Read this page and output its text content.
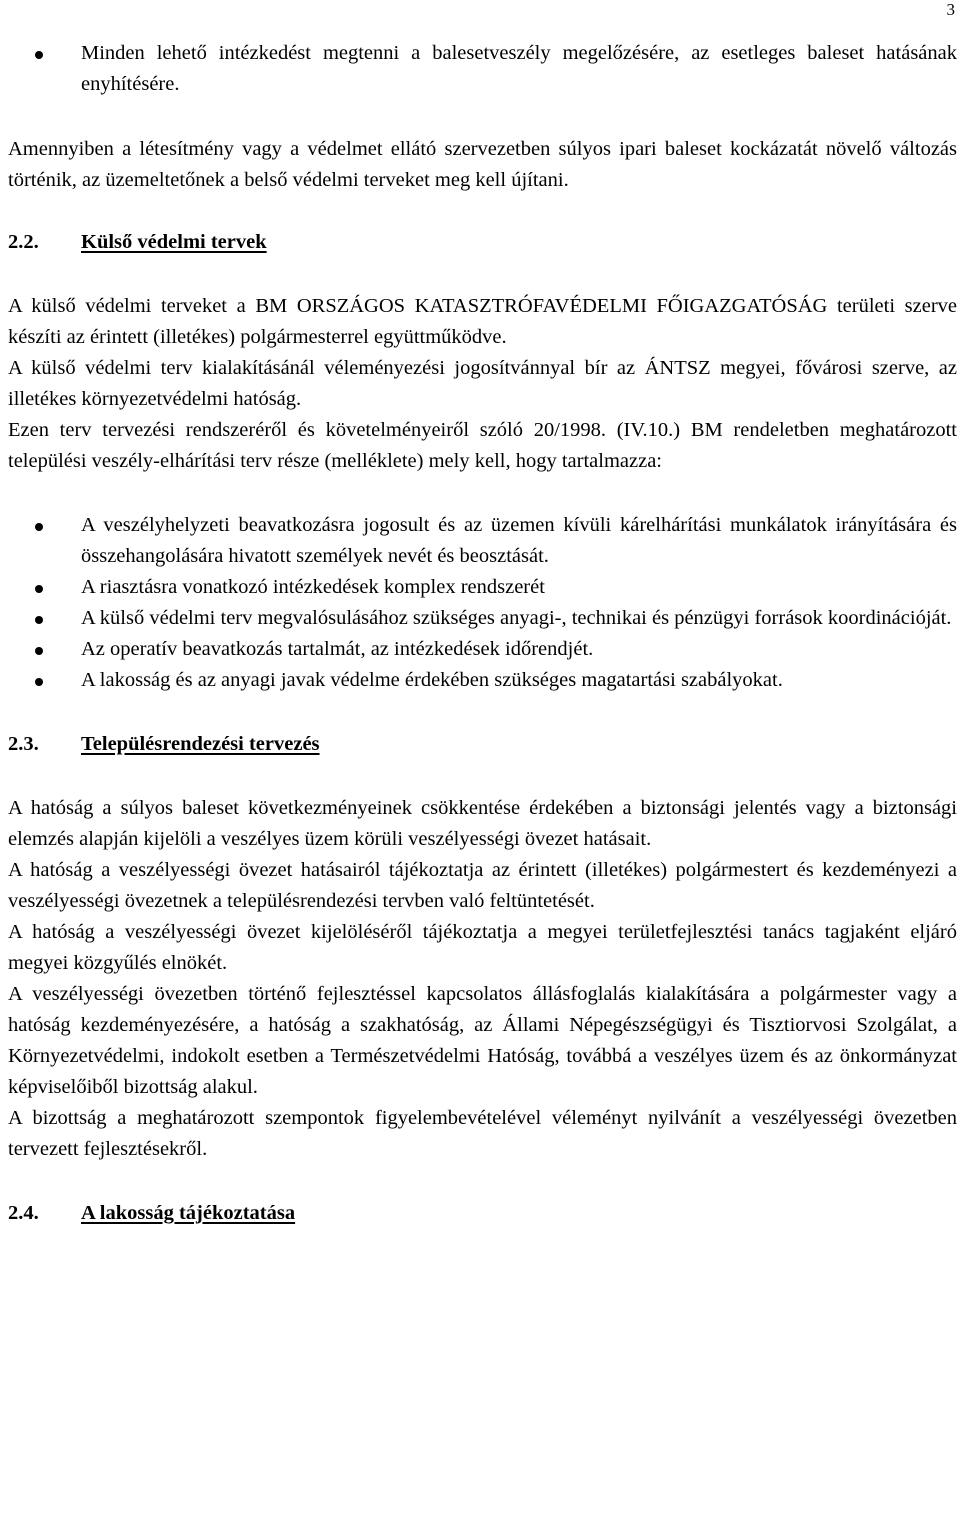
3
Minden lehető intézkedést megtenni a balesetveszély megelőzésére, az esetleges baleset hatásának enyhítésére.

Amennyiben a létesítmény vagy a védelmet ellátó szervezetben súlyos ipari baleset kockázatát növelő változás történik, az üzemeltetőnek a belső védelmi terveket meg kell újítani.

2.2.	Külső védelmi tervek

A külső védelmi terveket a BM ORSZÁGOS KATASZTRÓFAVÉDELMI FŐIGAZGATÓSÁG területi szerve készíti az érintett (illetékes) polgármesterrel együttműködve.

A külső védelmi terv kialakításánál véleményezési jogosítvánnyal bír az ÁNTSZ megyei, fővárosi szerve, az illetékes környezetvédelmi hatóság.

Ezen terv tervezési rendszeréről és követelményeiről szóló 20/1998. (IV.10.) BM rendeletben meghatározott települési veszély-elhárítási terv része (melléklete) mely kell, hogy tartalmazza:

A veszélyhelyzeti beavatkozásra jogosult és az üzemen kívüli kárelhárítási munkálatok irányítására és összehangolására hivatott személyek nevét és beosztását.
A riasztásra vonatkozó intézkedések komplex rendszerét
A külső védelmi terv megvalósulásához szükséges anyagi-, technikai és pénzügyi források koordinációját.
Az operatív beavatkozás tartalmát, az intézkedések időrendjét.
A lakosság és az anyagi javak védelme érdekében szükséges magatartási szabályokat.
2.3.	Településrendezési tervezés

A hatóság a súlyos baleset következményeinek csökkentése érdekében a biztonsági jelentés vagy a biztonsági elemzés alapján kijelöli a veszélyes üzem körüli veszélyességi övezet hatásait.

A hatóság a veszélyességi övezet hatásairól tájékoztatja az érintett (illetékes) polgármestert és kezdeményezi a veszélyességi övezetnek a településrendezési tervben való feltüntetését.

A hatóság a veszélyességi övezet kijelöléséről tájékoztatja a megyei területfejlesztési tanács tagjaként eljáró megyei közgyűlés elnökét.

A veszélyességi övezetben történő fejlesztéssel kapcsolatos állásfoglalás kialakítására a polgármester vagy a hatóság kezdeményezésére, a hatóság a szakhatóság, az Állami Népegészségügyi és Tisztiorvosi Szolgálat, a Környezetvédelmi, indokolt esetben a Természetvédelmi Hatóság, továbbá a veszélyes üzem és az önkormányzat képviselőiből bizottság alakul.

A bizottság a meghatározott szempontok figyelembevételével véleményt nyilvánít a veszélyességi övezetben tervezett fejlesztésekről.

2.4.	A lakosság tájékoztatása
